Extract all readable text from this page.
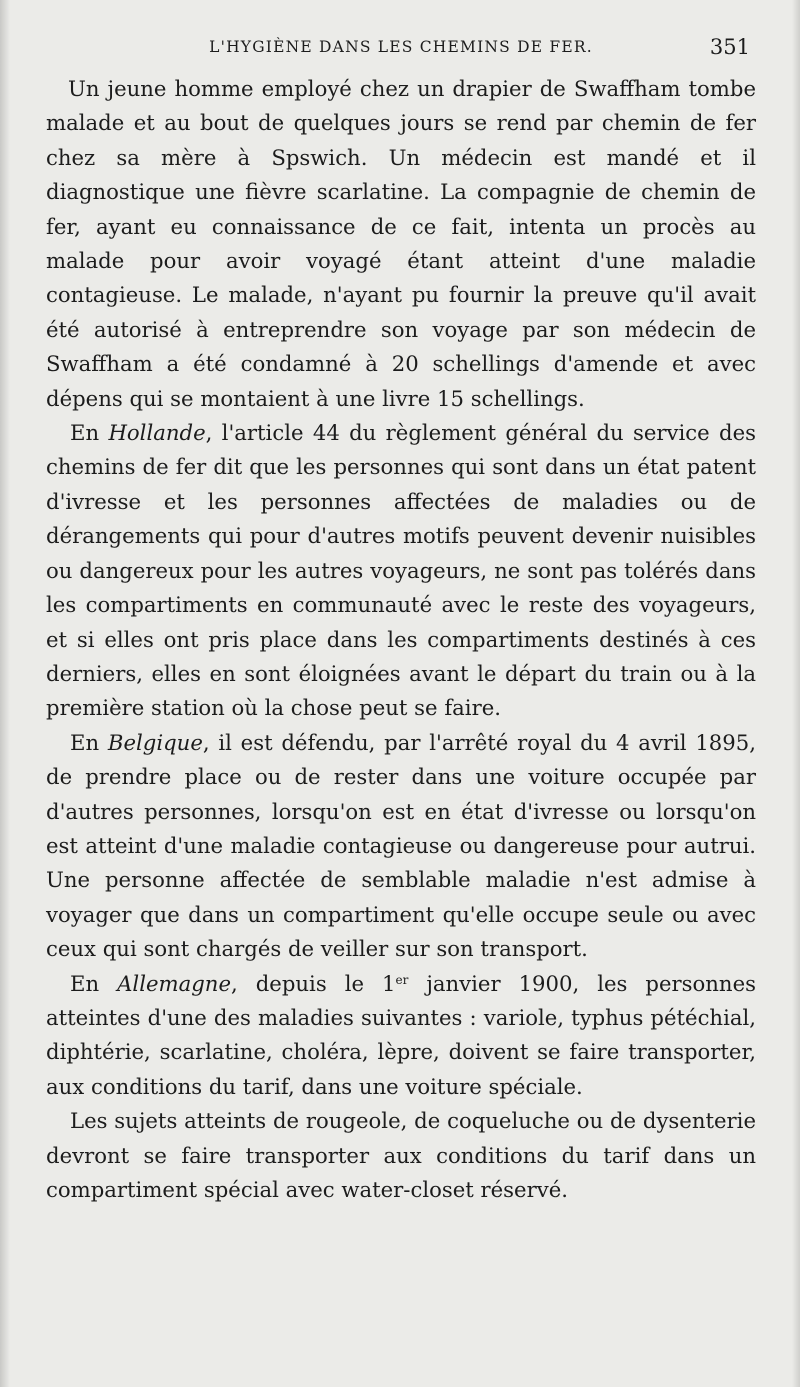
L'HYGIÈNE DANS LES CHEMINS DE FER.	351

Un jeune homme employé chez un drapier de Swaffham tombe malade et au bout de quelques jours se rend par chemin de fer chez sa mère à Spswich. Un médecin est mandé et il diagnostique une fièvre scarlatine. La compagnie de chemin de fer, ayant eu connaissance de ce fait, intenta un procès au malade pour avoir voyagé étant atteint d'une maladie contagieuse. Le malade, n'ayant pu fournir la preuve qu'il avait été autorisé à entreprendre son voyage par son médecin de Swaffham a été condamné à 20 schellings d'amende et avec dépens qui se montaient à une livre 15 schellings.

En Hollande, l'article 44 du règlement général du service des chemins de fer dit que les personnes qui sont dans un état patent d'ivresse et les personnes affectées de maladies ou de dérangements qui pour d'autres motifs peuvent devenir nuisibles ou dangereux pour les autres voyageurs, ne sont pas tolérés dans les compartiments en communauté avec le reste des voyageurs, et si elles ont pris place dans les compartiments destinés à ces derniers, elles en sont éloignées avant le départ du train ou à la première station où la chose peut se faire.

En Belgique, il est défendu, par l'arrêté royal du 4 avril 1895, de prendre place ou de rester dans une voiture occupée par d'autres personnes, lorsqu'on est en état d'ivresse ou lorsqu'on est atteint d'une maladie contagieuse ou dangereuse pour autrui. Une personne affectée de semblable maladie n'est admise à voyager que dans un compartiment qu'elle occupe seule ou avec ceux qui sont chargés de veiller sur son transport.

En Allemagne, depuis le 1er janvier 1900, les personnes atteintes d'une des maladies suivantes : variole, typhus pétéchial, diphtérie, scarlatine, choléra, lèpre, doivent se faire transporter, aux conditions du tarif, dans une voiture spéciale.

Les sujets atteints de rougeole, de coqueluche ou de dysenterie devront se faire transporter aux conditions du tarif dans un compartiment spécial avec water-closet réservé.
